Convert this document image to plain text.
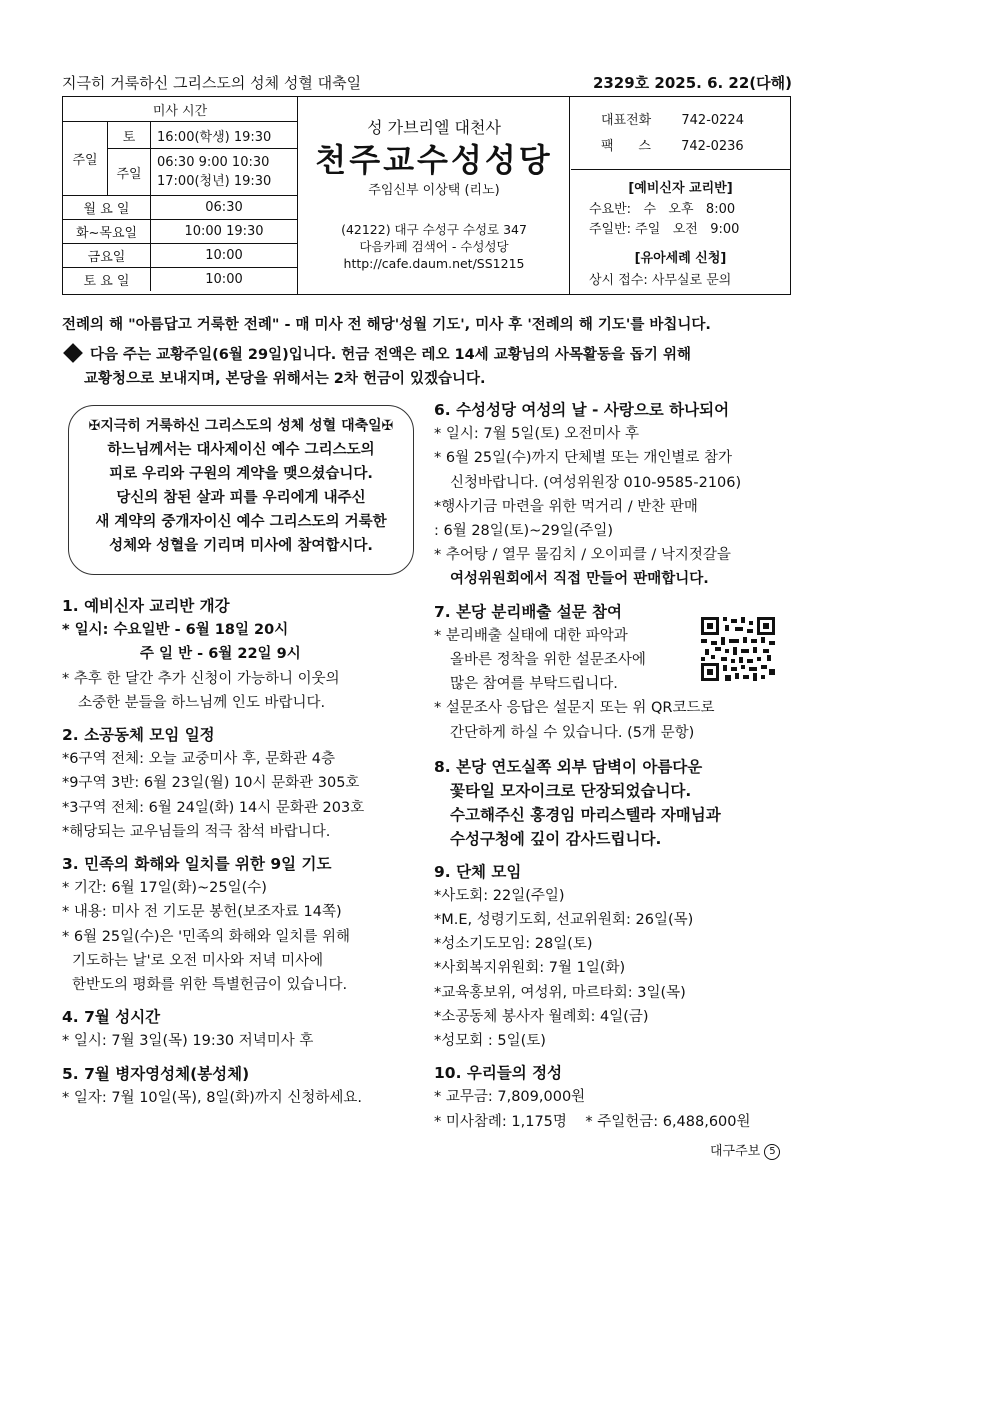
지극히 거룩하신 그리스도의 성체 성혈 대축일	2329호 2025. 6. 22(다해)
미사 시간		
주일	토	16:00(학생) 19:30
	주일	06:30 9:00 10:30
17:00(청년) 19:30

월 요 일		06:30
화~목요일		10:00 19:30
금요일		10:00
토 요 일		10:00
성 가브리엘 대천사
천주교수성성당
주임신부 이상택 (리노)
(42122) 대구 수성구 수성로 347
다음카페 검색어 - 수성성당
http://cafe.daum.net/SS1215
대표전화 742-0224
팩      스 742-0236
[예비신자 교리반]
수요반:   수   오후   8:00
주일반: 주일   오전   9:00
[유아세례 신청]
상시 접수: 사무실로 문의
전례의 해 "아름답고 거룩한 전례" - 매 미사 전 해당'성월 기도', 미사 후 '전례의 해 기도'를 바칩니다.
다음 주는 교황주일(6월 29일)입니다. 헌금 전액은 레오 14세 교황님의 사목활동을 돕기 위해
교황청으로 보내지며, 본당을 위해서는 2차 헌금이 있겠습니다.
✠지극히 거룩하신 그리스도의 성체 성혈 대축일✠
하느님께서는 대사제이신 예수 그리스도의
피로 우리와 구원의 계약을 맺으셨습니다.
당신의 참된 살과 피를 우리에게 내주신
새 계약의 중개자이신 예수 그리스도의 거룩한
성체와 성혈을 기리며 미사에 참여합시다.
1. 예비신자 교리반 개강
* 일시: 수요일반 - 6월 18일 20시
주 일 반 - 6월 22일 9시
* 추후 한 달간 추가 신청이 가능하니 이웃의
소중한 분들을 하느님께 인도 바랍니다.
2. 소공동체 모임 일정
*6구역 전체: 오늘 교중미사 후, 문화관 4층
*9구역 3반: 6월 23일(월) 10시 문화관 305호
*3구역 전체: 6월 24일(화) 14시 문화관 203호
*해당되는 교우님들의 적극 참석 바랍니다.
3. 민족의 화해와 일치를 위한 9일 기도
* 기간: 6월 17일(화)~25일(수)
* 내용: 미사 전 기도문 봉헌(보조자료 14쪽)
* 6월 25일(수)은 '민족의 화해와 일치를 위해
기도하는 날'로 오전 미사와 저녁 미사에
한반도의 평화를 위한 특별헌금이 있습니다.
4. 7월 성시간
* 일시: 7월 3일(목) 19:30 저녁미사 후
5. 7월 병자영성체(봉성체)
* 일자: 7월 10일(목), 8일(화)까지 신청하세요.
6. 수성성당 여성의 날 - 사랑으로 하나되어
* 일시: 7월 5일(토) 오전미사 후
* 6월 25일(수)까지 단체별 또는 개인별로 참가
신청바랍니다. (여성위원장 010-9585-2106)
*행사기금 마련을 위한 먹거리 / 반찬 판매
: 6월 28일(토)~29일(주일)
* 추어탕 / 열무 물김치 / 오이피클 / 낙지젓갈을
여성위원회에서 직접 만들어 판매합니다.
7. 본당 분리배출 설문 참여
* 분리배출 실태에 대한 파악과
올바른 정착을 위한 설문조사에
많은 참여를 부탁드립니다.
* 설문조사 응답은 설문지 또는 위 QR코드로
간단하게 하실 수 있습니다. (5개 문항)
8. 본당 연도실쪽 외부 담벽이 아름다운
꽃타일 모자이크로 단장되었습니다.
수고해주신 홍경임 마리스텔라 자매님과
수성구청에 깊이 감사드립니다.
9. 단체 모임
*사도회: 22일(주일)
*M.E, 성령기도회, 선교위원회: 26일(목)
*성소기도모임: 28일(토)
*사회복지위원회: 7월 1일(화)
*교육홍보위, 여성위, 마르타회: 3일(목)
*소공동체 봉사자 월례회: 4일(금)
*성모회 : 5일(토)
10. 우리들의 정성
* 교무금: 7,809,000원
* 미사참례: 1,175명    * 주일헌금: 6,488,600원
대구주보 5
